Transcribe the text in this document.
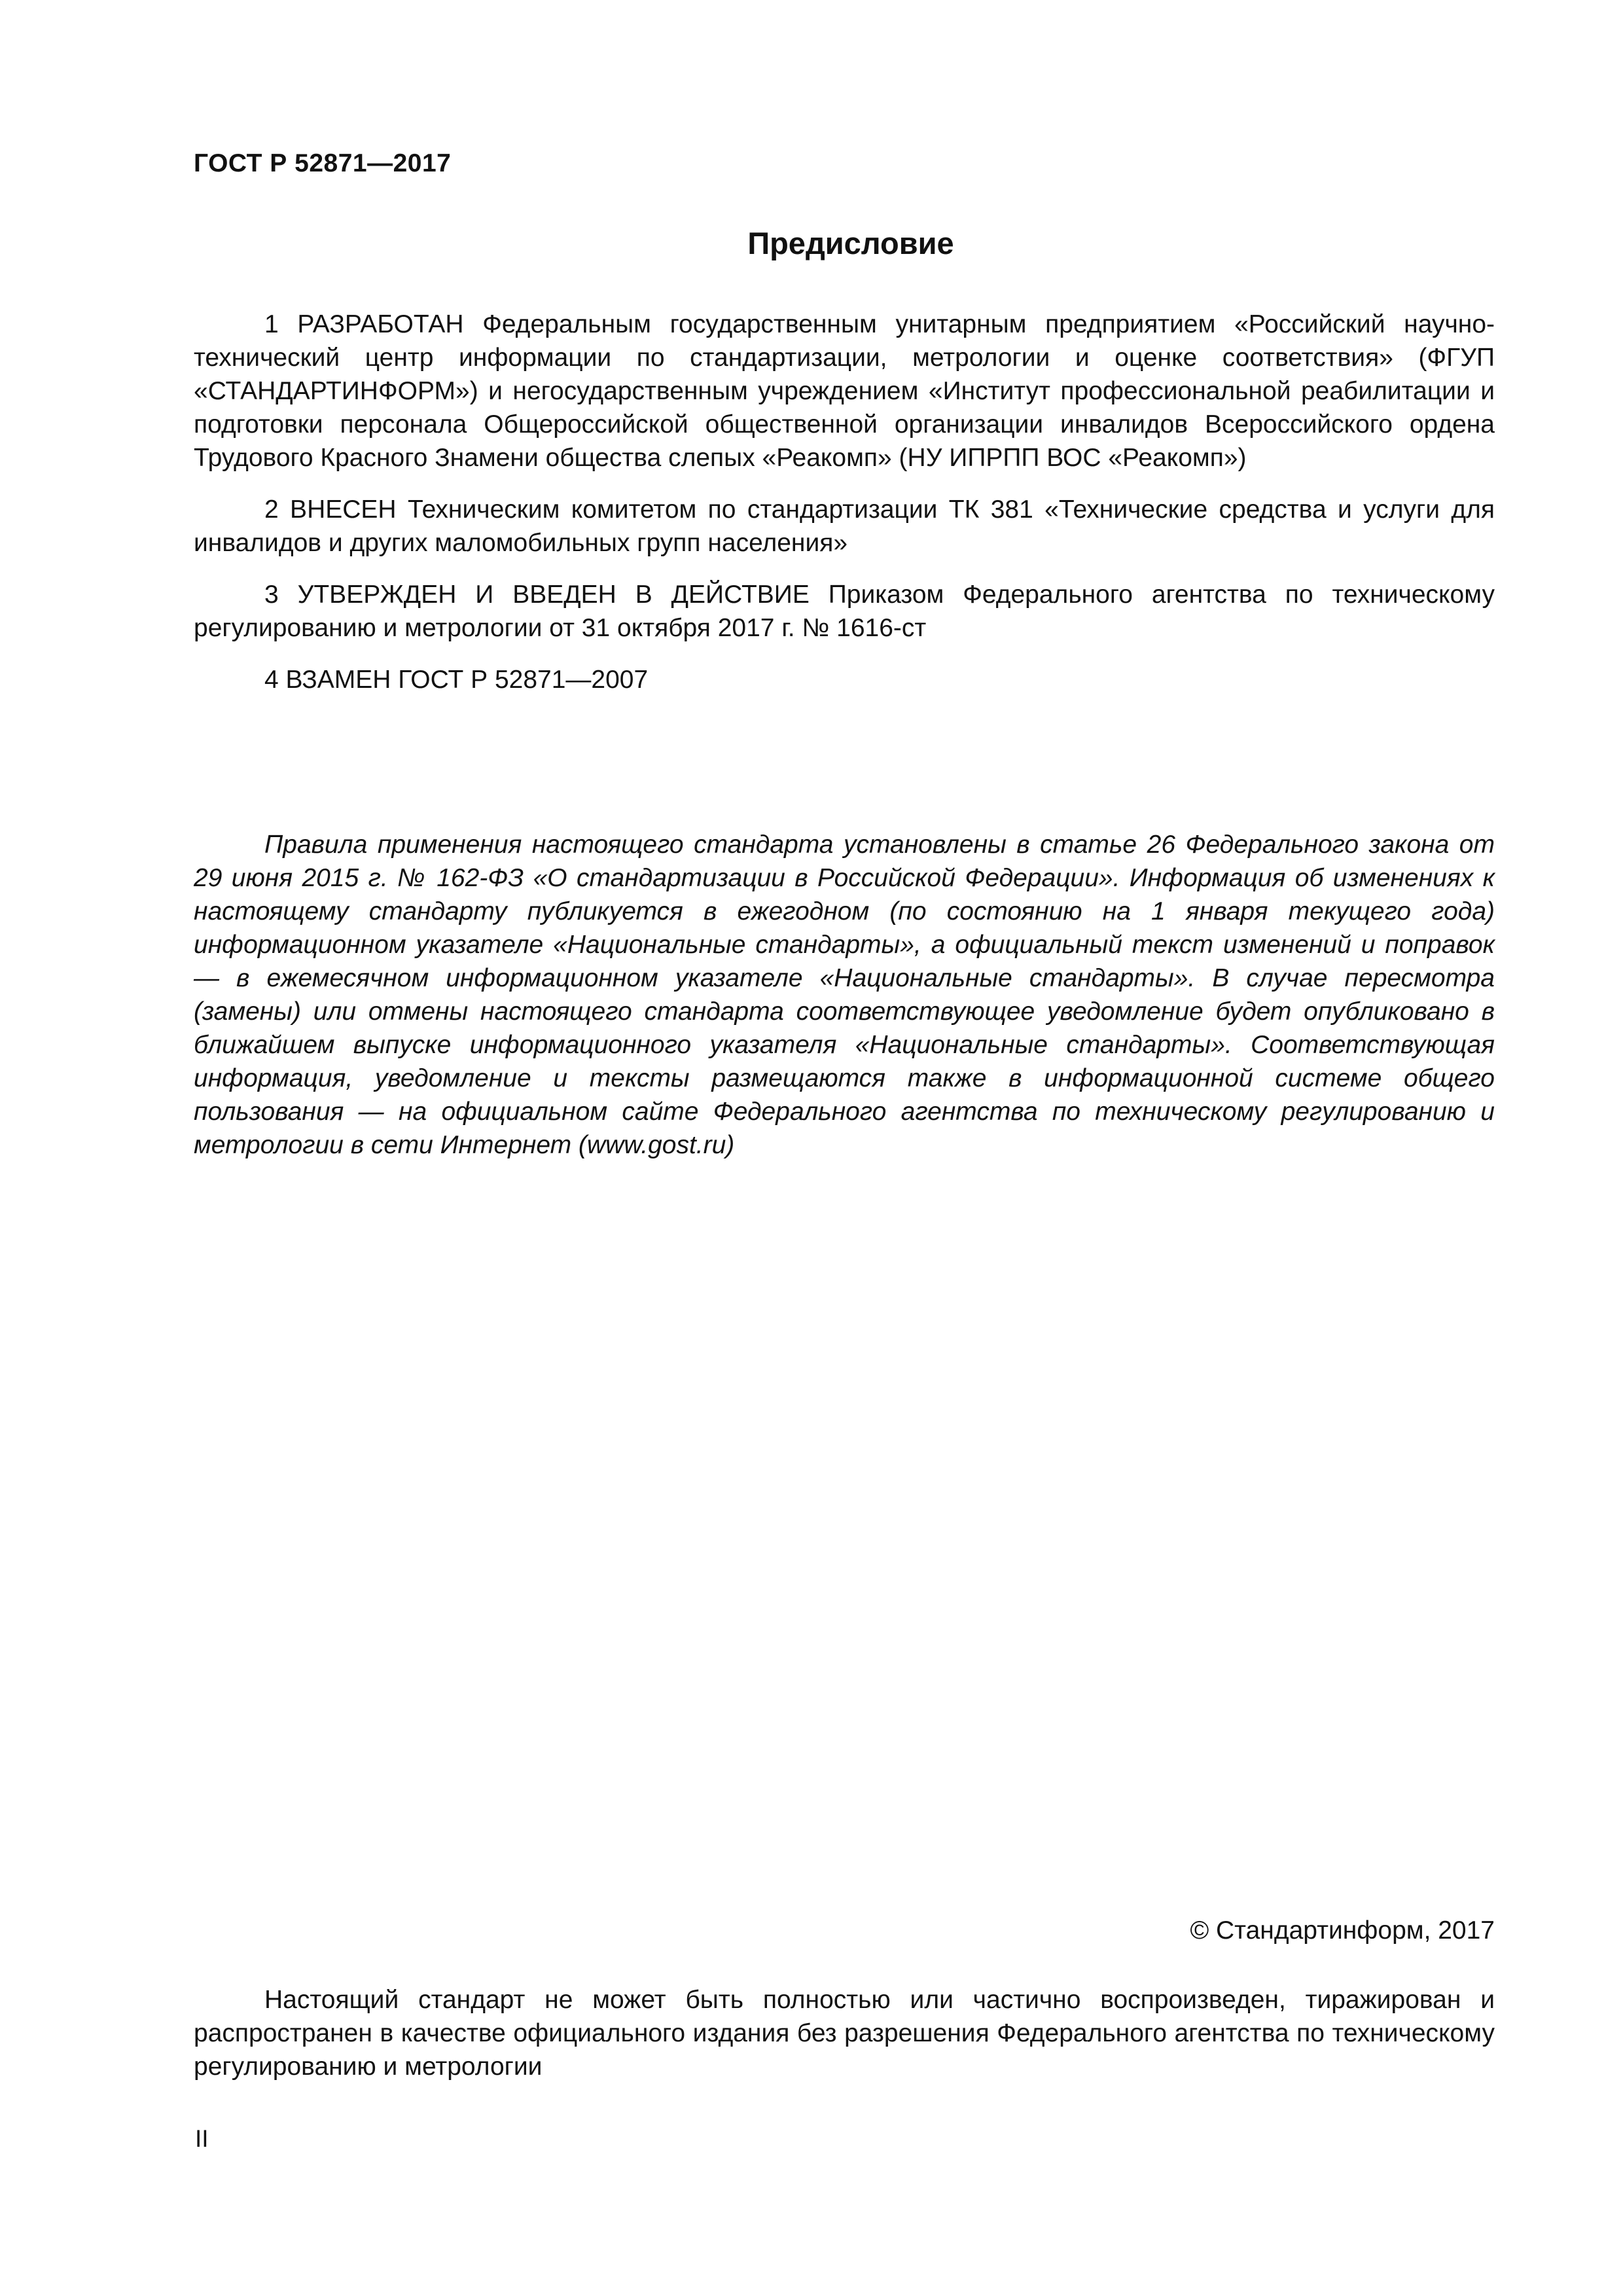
ГОСТ Р 52871—2017
Предисловие

1 РАЗРАБОТАН Федеральным государственным унитарным предприятием «Российский научно-технический центр информации по стандартизации, метрологии и оценке соответствия» (ФГУП «СТАНДАРТИНФОРМ») и негосударственным учреждением «Институт профессиональной реабилитации и подготовки персонала Общероссийской общественной организации инвалидов Всероссийского ордена Трудового Красного Знамени общества слепых «Реакомп» (НУ ИПРПП ВОС «Реакомп»)

2 ВНЕСЕН Техническим комитетом по стандартизации ТК 381 «Технические средства и услуги для инвалидов и других маломобильных групп населения»

3 УТВЕРЖДЕН И ВВЕДЕН В ДЕЙСТВИЕ Приказом Федерального агентства по техническому регулированию и метрологии от 31 октября 2017 г. № 1616-ст

4 ВЗАМЕН ГОСТ Р 52871—2007

Правила применения настоящего стандарта установлены в статье 26 Федерального закона от 29 июня 2015 г. № 162-ФЗ «О стандартизации в Российской Федерации». Информация об изменениях к настоящему стандарту публикуется в ежегодном (по состоянию на 1 января текущего года) информационном указателе «Национальные стандарты», а официальный текст изменений и поправок — в ежемесячном информационном указателе «Национальные стандарты». В случае пересмотра (замены) или отмены настоящего стандарта соответствующее уведомление будет опубликовано в ближайшем выпуске информационного указателя «Национальные стандарты». Соответствующая информация, уведомление и тексты размещаются также в информационной системе общего пользования — на официальном сайте Федерального агентства по техническому регулированию и метрологии в сети Интернет (www.gost.ru)

© Стандартинформ, 2017

Настоящий стандарт не может быть полностью или частично воспроизведен, тиражирован и распространен в качестве официального издания без разрешения Федерального агентства по техническому регулированию и метрологии

II
